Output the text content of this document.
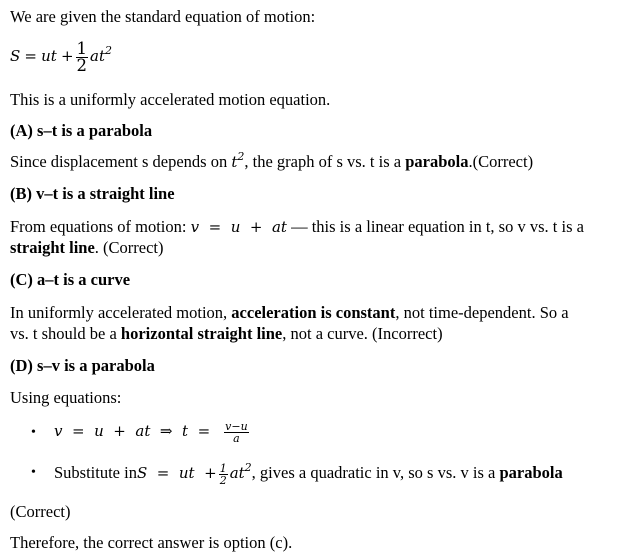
We are given the standard equation of motion:
S = ut + $\frac{1}{2} at^2$
This is a uniformly accelerated motion equation.
(A) s–t is a parabola
Since displacement s depends on $t^2$, the graph of s vs. t is a parabola.(Correct)
(B) v–t is a straight line
From equations of motion: v  =  u  +  at — this is a linear equation in t, so v vs. t is a
straight line. (Correct)
(C) a–t is a curve
In uniformly accelerated motion, acceleration is constant, not time-dependent. So a
vs. t should be a horizontal straight line, not a curve. (Incorrect)
(D) s–v is a parabola
Using equations:
• v  =  u  +  at  ⇒  $t = \frac{v-u}{a}$
• Substitute inS  =  ut  + $\frac{1}{2} at^2$, gives a quadratic in v, so s vs. v is a parabola
(Correct)
Therefore, the correct answer is option (c).
